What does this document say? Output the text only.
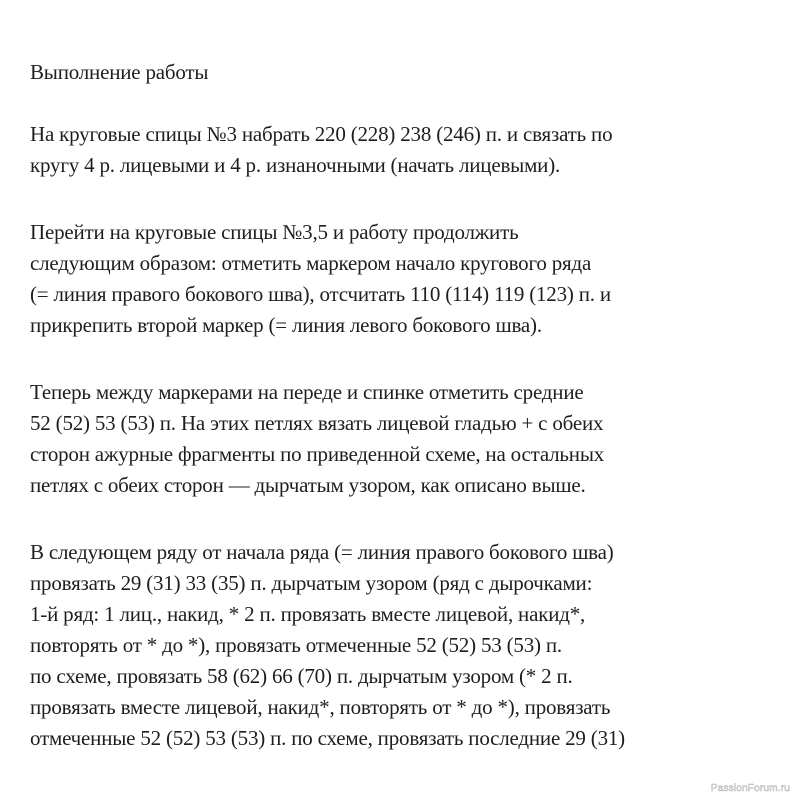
Выполнение работы
На круговые спицы №3 набрать 220 (228) 238 (246) п. и связать по
кругу 4 р. лицевыми и 4 р. изнаночными (начать лицевыми).
Перейти на круговые спицы №3,5 и работу продолжить
следующим образом: отметить маркером начало кругового ряда
(= линия правого бокового шва), отсчитать 110 (114) 119 (123) п. и
прикрепить второй маркер (= линия левого бокового шва).
Теперь между маркерами на переде и спинке отметить средние
52 (52) 53 (53) п. На этих петлях вязать лицевой гладью + с обеих
сторон ажурные фрагменты по приведенной схеме, на остальных
петлях с обеих сторон — дырчатым узором, как описано выше.
В следующем ряду от начала ряда (= линия правого бокового шва)
провязать 29 (31) 33 (35) п. дырчатым узором (ряд с дырочками:
1-й ряд: 1 лиц., накид, * 2 п. провязать вместе лицевой, накид*,
повторять от * до *), провязать отмеченные 52 (52) 53 (53) п.
по схеме, провязать 58 (62) 66 (70) п. дырчатым узором (* 2 п.
провязать вместе лицевой, накид*, повторять от * до *), провязать
отмеченные 52 (52) 53 (53) п. по схеме, провязать последние 29 (31)
PassionForum.ru
